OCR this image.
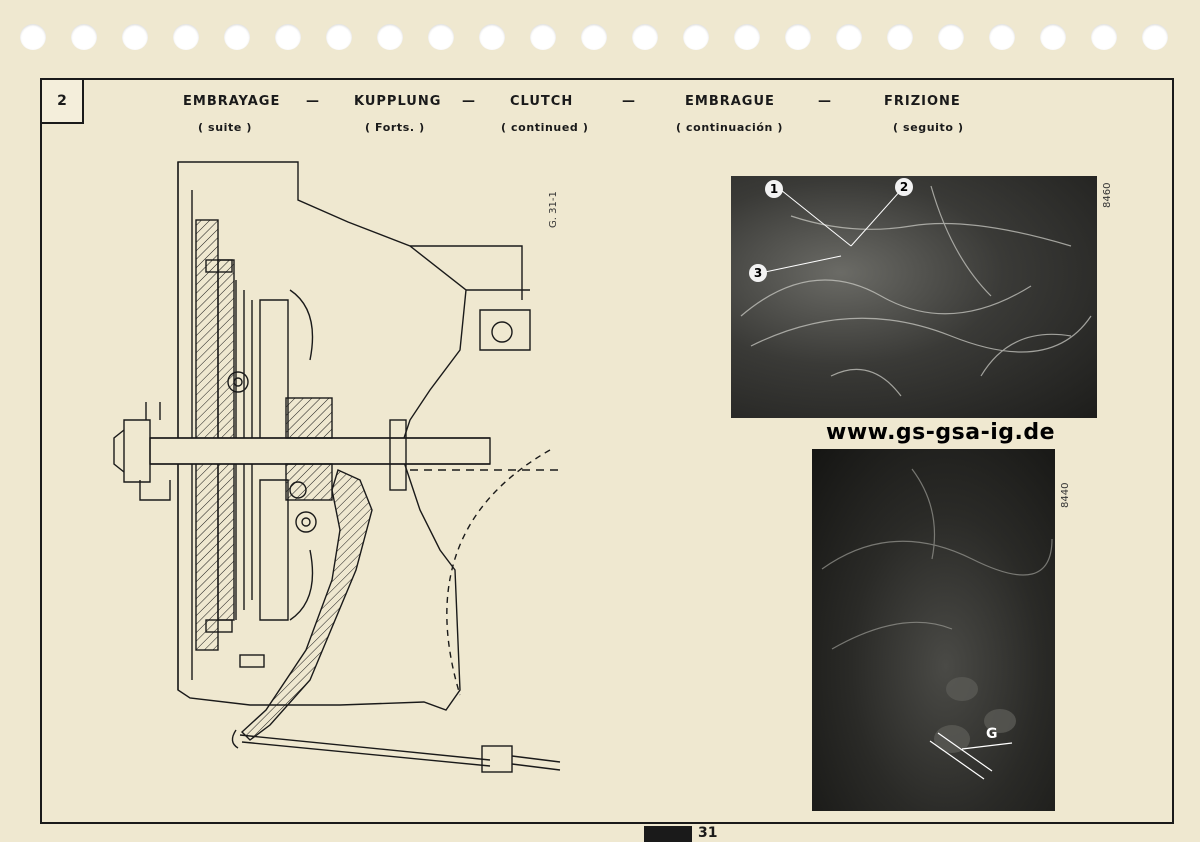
2	EMBRAYAGE
( suite )
—	KUPPLUNG
( Forts. )
—	CLUTCH
( continued )
—	EMBRAGUE
( continuación )
—	FRIZIONE
( seguito )
G. 31-1
1	2
3
8460
www.gs-gsa-ig.de
G
8440
31
